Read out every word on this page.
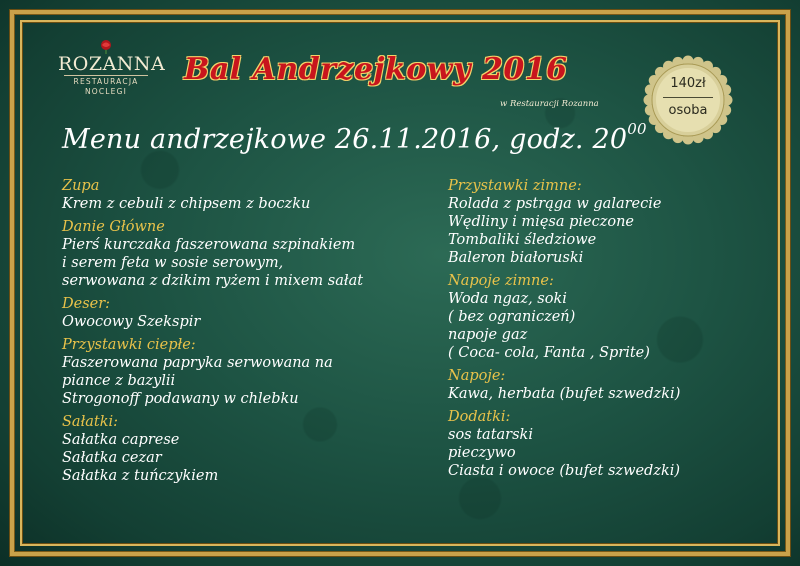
ROZANNA
RESTAURACJA
NOCLEGI
Bal Andrzejkowy 2016
w Restauracji Rozanna
140zł
osoba
Menu andrzejkowe 26.11.2016, godz. $20^{00}$
Zupa
Krem z cebuli z chipsem z boczku
Danie Główne
Pierś kurczaka faszerowana szpinakiem
i serem feta w sosie serowym,
serwowana z dzikim ryżem i mixem sałat
Deser:
Owocowy Szekspir
Przystawki ciepłe:
Faszerowana papryka serwowana na
piance z bazylii
Strogonoff podawany w chlebku
Sałatki:
Sałatka caprese
Sałatka cezar
Sałatka z tuńczykiem
Przystawki zimne:
Rolada z pstrąga w galarecie
Wędliny i mięsa pieczone
Tombaliki śledziowe
Baleron białoruski
Napoje zimne:
Woda ngaz, soki
( bez ograniczeń)
napoje gaz
( Coca- cola, Fanta , Sprite)
Napoje:
Kawa, herbata (bufet szwedzki)
Dodatki:
sos tatarski
pieczywo
Ciasta i owoce (bufet szwedzki)
